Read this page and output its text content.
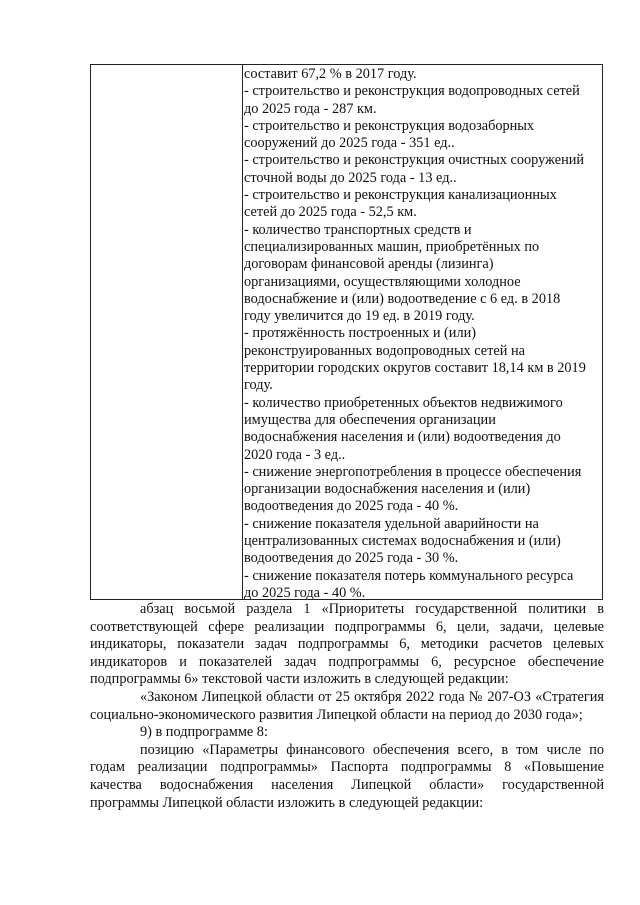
составит 67,2 % в 2017 году.
- строительство и реконструкция водопроводных сетей
до 2025 года - 287 км.
- строительство и реконструкция водозаборных
сооружений до 2025 года - 351 ед..
- строительство и реконструкция очистных сооружений
сточной воды до 2025 года - 13 ед..
- строительство и реконструкция канализационных
сетей до 2025 года - 52,5 км.
- количество транспортных средств и
специализированных машин, приобретённых по
договорам финансовой аренды (лизинга)
организациями, осуществляющими холодное
водоснабжение и (или) водоотведение с 6 ед. в 2018
году увеличится до 19 ед. в 2019 году.
- протяжённость построенных и (или)
реконструированных водопроводных сетей на
территории городских округов составит 18,14 км в 2019
году.
- количество приобретенных объектов недвижимого
имущества для обеспечения организации
водоснабжения населения и (или) водоотведения до
2020 года - 3 ед..
- снижение энергопотребления в процессе обеспечения
организации водоснабжения населения и (или)
водоотведения до 2025 года - 40 %.
- снижение показателя удельной аварийности на
централизованных системах водоснабжения и (или)
водоотведения до 2025 года - 30 %.
- снижение показателя потерь коммунального ресурса
до 2025 года - 40 %.

абзац восьмой раздела 1 «Приоритеты государственной политики в соответствующей сфере реализации подпрограммы 6, цели, задачи, целевые индикаторы, показатели задач подпрограммы 6, методики расчетов целевых индикаторов и показателей задач подпрограммы 6, ресурсное обеспечение подпрограммы 6» текстовой части изложить в следующей редакции:

«Законом Липецкой области от 25 октября 2022 года № 207-ОЗ «Стратегия социально-экономического развития Липецкой области на период до 2030 года»;

9) в подпрограмме 8:

позицию «Параметры финансового обеспечения всего, в том числе по годам реализации подпрограммы» Паспорта подпрограммы 8 «Повышение качества водоснабжения населения Липецкой области» государственной программы Липецкой области изложить в следующей редакции:
